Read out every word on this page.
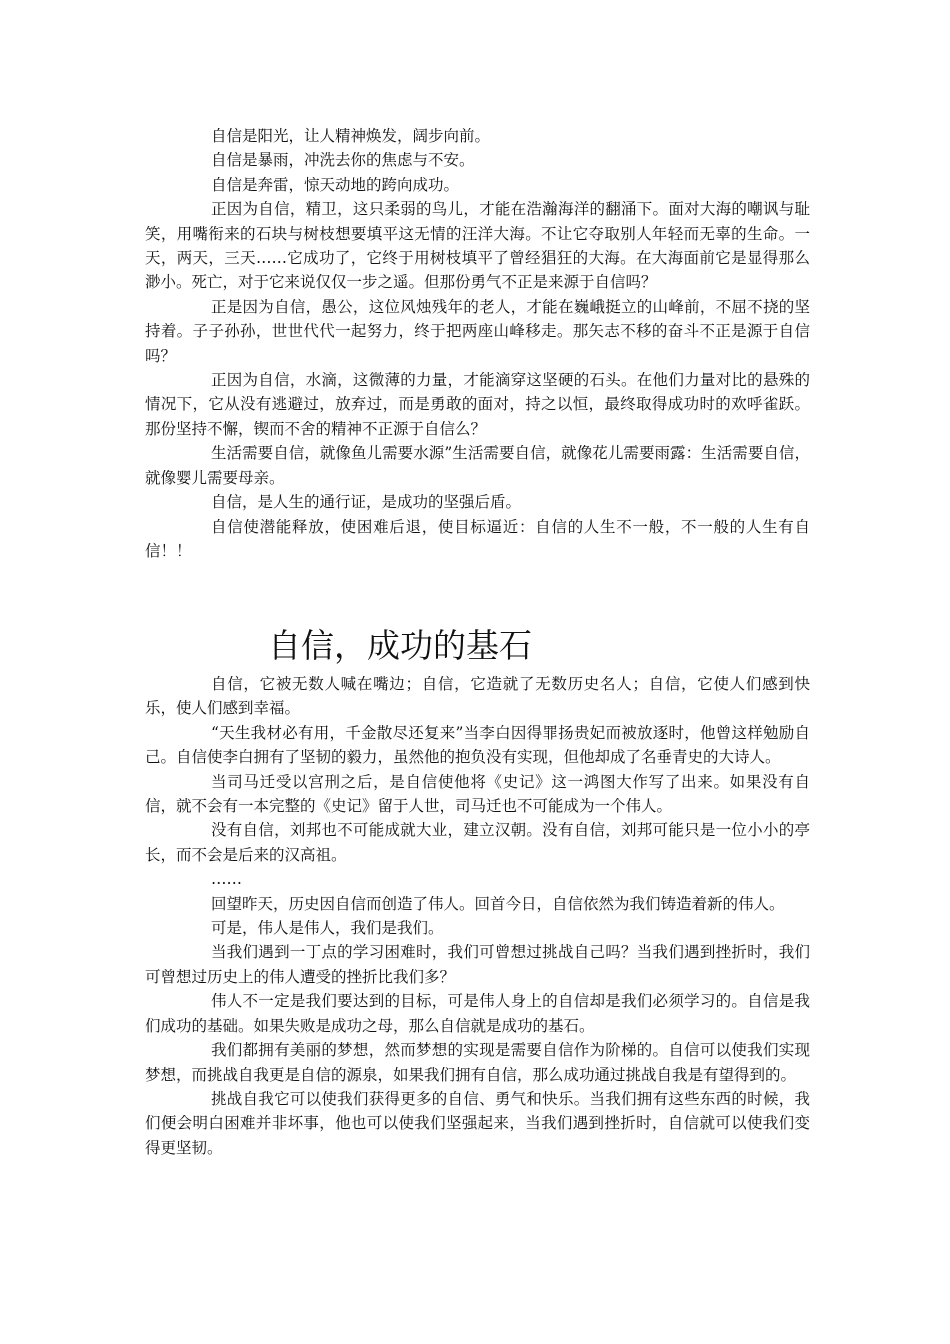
自信是阳光，让人精神焕发，阔步向前。

自信是暴雨，冲洗去你的焦虑与不安。

自信是奔雷，惊天动地的跨向成功。

正因为自信，精卫，这只柔弱的鸟儿，才能在浩瀚海洋的翻涌下。面对大海的嘲讽与耻笑，用嘴衔来的石块与树枝想要填平这无情的汪洋大海。不让它夺取别人年轻而无辜的生命。一天，两天，三天……它成功了，它终于用树枝填平了曾经猖狂的大海。在大海面前它是显得那么渺小。死亡，对于它来说仅仅一步之遥。但那份勇气不正是来源于自信吗？

正是因为自信，愚公，这位风烛残年的老人，才能在巍峨挺立的山峰前，不屈不挠的坚持着。子子孙孙，世世代代一起努力，终于把两座山峰移走。那矢志不移的奋斗不正是源于自信吗？

正因为自信，水滴，这微薄的力量，才能滴穿这坚硬的石头。在他们力量对比的悬殊的情况下，它从没有逃避过，放弃过，而是勇敢的面对，持之以恒，最终取得成功时的欢呼雀跃。那份坚持不懈，锲而不舍的精神不正源于自信么？

生活需要自信，就像鱼儿需要水源”生活需要自信，就像花儿需要雨露：生活需要自信，就像婴儿需要母亲。

自信，是人生的通行证，是成功的坚强后盾。

自信使潜能释放，使困难后退，使目标逼近：自信的人生不一般，不一般的人生有自信！！

自信，成功的基石

自信，它被无数人喊在嘴边；自信，它造就了无数历史名人；自信，它使人们感到快乐，使人们感到幸福。

“天生我材必有用，千金散尽还复来”当李白因得罪扬贵妃而被放逐时，他曾这样勉励自己。自信使李白拥有了坚韧的毅力，虽然他的抱负没有实现，但他却成了名垂青史的大诗人。

当司马迁受以宫刑之后，是自信使他将《史记》这一鸿图大作写了出来。如果没有自信，就不会有一本完整的《史记》留于人世，司马迁也不可能成为一个伟人。

没有自信，刘邦也不可能成就大业，建立汉朝。没有自信，刘邦可能只是一位小小的亭长，而不会是后来的汉高祖。

……

回望昨天，历史因自信而创造了伟人。回首今日，自信依然为我们铸造着新的伟人。

可是，伟人是伟人，我们是我们。

当我们遇到一丁点的学习困难时，我们可曾想过挑战自己吗？当我们遇到挫折时，我们可曾想过历史上的伟人遭受的挫折比我们多？

伟人不一定是我们要达到的目标，可是伟人身上的自信却是我们必须学习的。自信是我们成功的基础。如果失败是成功之母，那么自信就是成功的基石。

我们都拥有美丽的梦想，然而梦想的实现是需要自信作为阶梯的。自信可以使我们实现梦想，而挑战自我更是自信的源泉，如果我们拥有自信，那么成功通过挑战自我是有望得到的。

挑战自我它可以使我们获得更多的自信、勇气和快乐。当我们拥有这些东西的时候，我们便会明白困难并非坏事，他也可以使我们坚强起来，当我们遇到挫折时，自信就可以使我们变得更坚韧。
